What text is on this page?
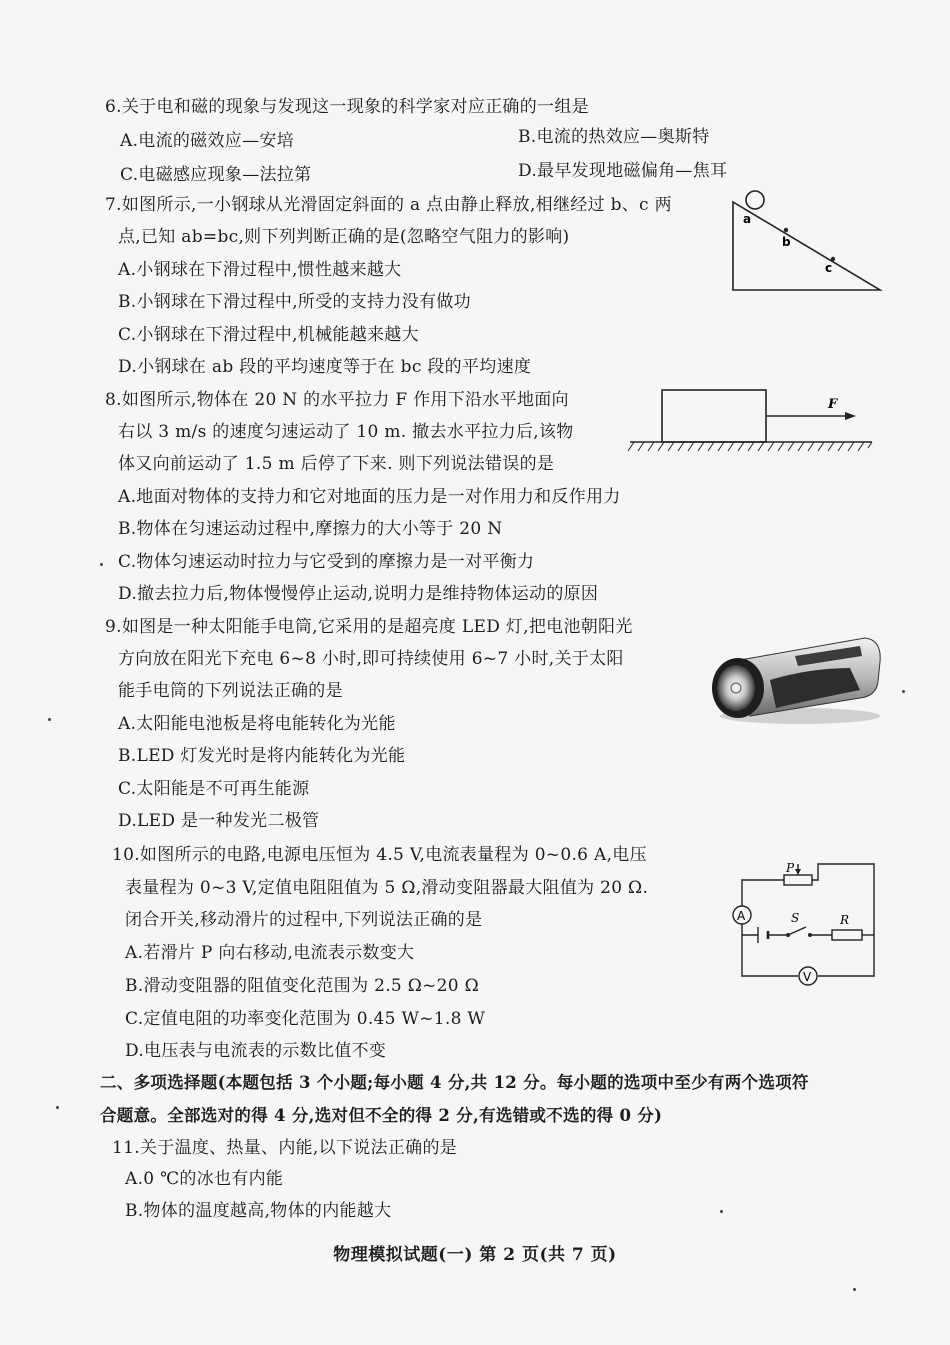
6.关于电和磁的现象与发现这一现象的科学家对应正确的一组是
A.电流的磁效应—安培	B.电流的热效应—奥斯特
C.电磁感应现象—法拉第	D.最早发现地磁偏角—焦耳
7.如图所示,一小钢球从光滑固定斜面的 a 点由静止释放,相继经过 b、c 两
点,已知 ab=bc,则下列判断正确的是(忽略空气阻力的影响)
A.小钢球在下滑过程中,惯性越来越大
B.小钢球在下滑过程中,所受的支持力没有做功
C.小钢球在下滑过程中,机械能越来越大
D.小钢球在 ab 段的平均速度等于在 bc 段的平均速度
a
b
c
8.如图所示,物体在 20 N 的水平拉力 F 作用下沿水平地面向
右以 3 m/s 的速度匀速运动了 10 m. 撤去水平拉力后,该物
体又向前运动了 1.5 m 后停了下来. 则下列说法错误的是
A.地面对物体的支持力和它对地面的压力是一对作用力和反作用力
B.物体在匀速运动过程中,摩擦力的大小等于 20 N
C.物体匀速运动时拉力与它受到的摩擦力是一对平衡力
D.撤去拉力后,物体慢慢停止运动,说明力是维持物体运动的原因
F
9.如图是一种太阳能手电筒,它采用的是超亮度 LED 灯,把电池朝阳光
方向放在阳光下充电 6~8 小时,即可持续使用 6~7 小时,关于太阳
能手电筒的下列说法正确的是
A.太阳能电池板是将电能转化为光能
B.LED 灯发光时是将内能转化为光能
C.太阳能是不可再生能源
D.LED 是一种发光二极管
10.如图所示的电路,电源电压恒为 4.5 V,电流表量程为 0~0.6 A,电压
表量程为 0~3 V,定值电阻阻值为 5 Ω,滑动变阻器最大阻值为 20 Ω.
闭合开关,移动滑片的过程中,下列说法正确的是
A.若滑片 P 向右移动,电流表示数变大
B.滑动变阻器的阻值变化范围为 2.5 Ω~20 Ω
C.定值电阻的功率变化范围为 0.45 W~1.8 W
D.电压表与电流表的示数比值不变
P
A	S	R
V
二、多项选择题(本题包括 3 个小题;每小题 4 分,共 12 分。每小题的选项中至少有两个选项符
合题意。全部选对的得 4 分,选对但不全的得 2 分,有选错或不选的得 0 分)
11.关于温度、热量、内能,以下说法正确的是
A.0 ℃的冰也有内能
B.物体的温度越高,物体的内能越大
物理模拟试题(一) 第 2 页(共 7 页)
